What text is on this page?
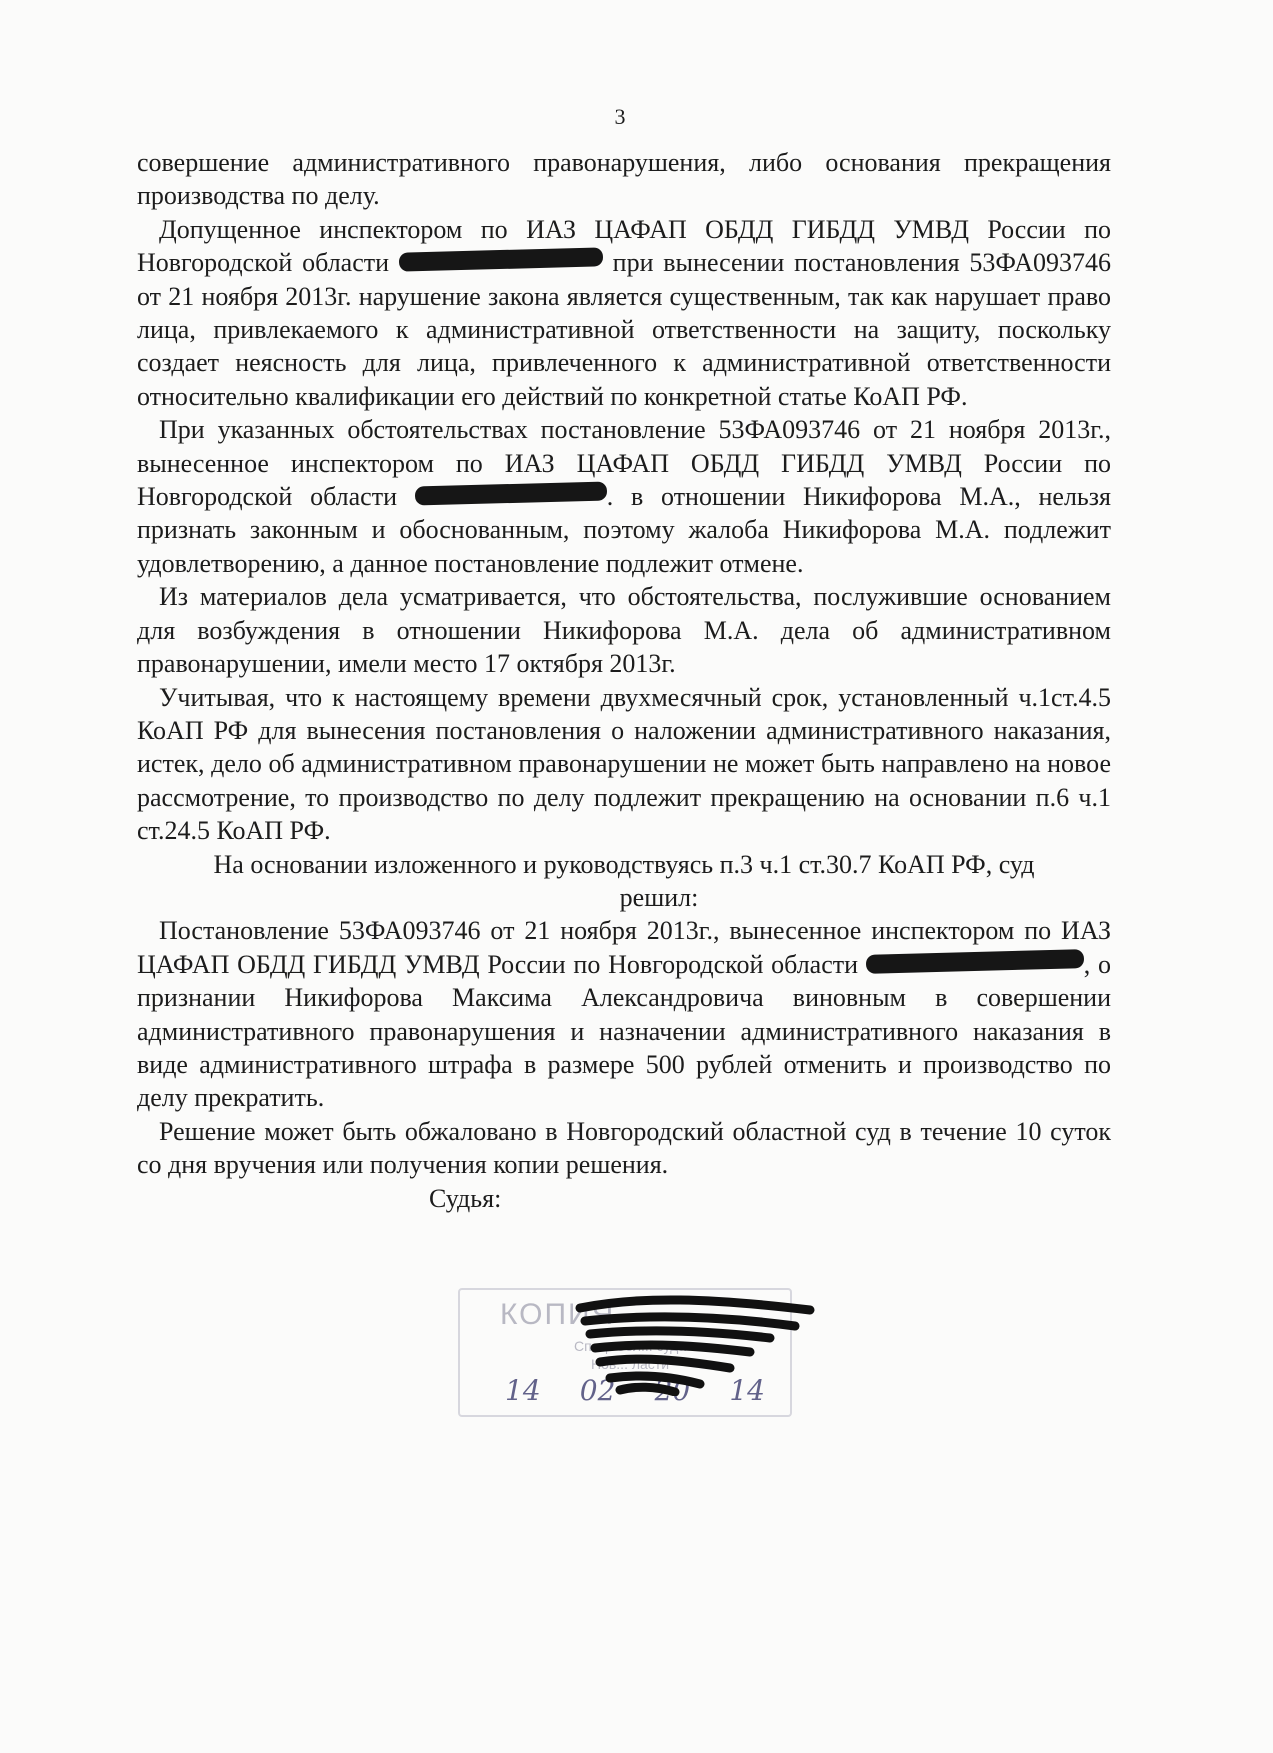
3

совершение административного правонарушения, либо основания прекращения производства по делу.

Допущенное инспектором по ИАЗ ЦАФАП ОБДД ГИБДД УМВД России по Новгородской области	при вынесении постановления 53ФА093746 от 21 ноября 2013г. нарушение закона является существенным, так как нарушает право лица, привлекаемого к административной ответственности на защиту, поскольку создает неясность для лица, привлеченного к административной ответственности относительно квалификации его действий по конкретной статье КоАП РФ.

При указанных обстоятельствах постановление 53ФА093746 от 21 ноября 2013г., вынесенное инспектором по ИАЗ ЦАФАП ОБДД ГИБДД УМВД России по Новгородской области	. в отношении Никифорова М.А., нельзя признать законным и обоснованным, поэтому жалоба Никифорова М.А. подлежит удовлетворению, а данное постановление подлежит отмене.

Из материалов дела усматривается, что обстоятельства, послужившие основанием для возбуждения в отношении Никифорова М.А. дела об административном правонарушении, имели место 17 октября 2013г.

Учитывая, что к настоящему времени двухмесячный срок, установленный ч.1ст.4.5 КоАП РФ для вынесения постановления о наложении административного наказания, истек, дело об административном правонарушении не может быть направлено на новое рассмотрение, то производство по делу подлежит прекращению на основании п.6 ч.1 ст.24.5 КоАП РФ.

На основании изложенного и руководствуясь п.3 ч.1 ст.30.7 КоАП РФ, суд

решил:

Постановление 53ФА093746 от 21 ноября 2013г., вынесенное инспектором по ИАЗ ЦАФАП ОБДД ГИБДД УМВД России по Новгородской области	, о признании Никифорова Максима Александровича виновным в совершении административного правонарушения и назначении административного наказания в виде административного штрафа в размере 500 рублей отменить и производство по делу прекратить.

Решение может быть обжаловано в Новгородский областной суд в течение 10 суток со дня вручения или получения копии решения.

Судья:

КОПИЯ
Спец. Сол... суда
Нов... ласти
14 02 20 14
